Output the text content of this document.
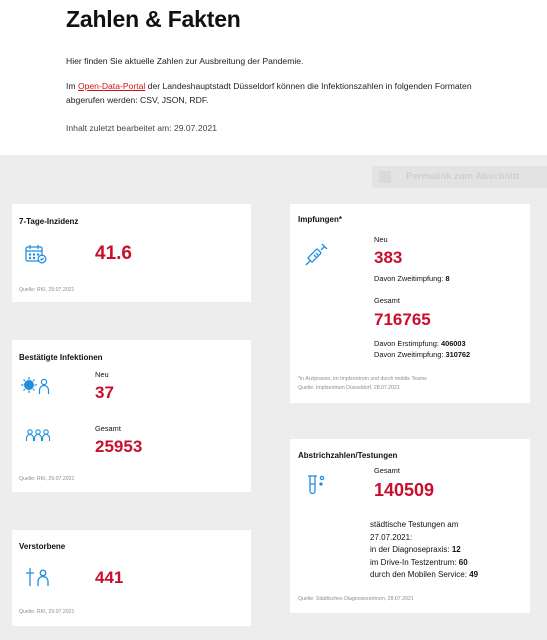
Zahlen & Fakten

Hier finden Sie aktuelle Zahlen zur Ausbreitung der Pandemie.

Im Open-Data-Portal der Landeshauptstadt Düsseldorf können die Infektionszahlen in folgenden Formaten abgerufen werden: CSV, JSON, RDF.

Inhalt zuletzt bearbeitet am: 29.07.2021

Permalink zum Abschnitt
7-Tage-Inzidenz
41.6
Quelle: RKI, 29.07.2021
Bestätigte Infektionen
Neu
37
Gesamt
25953
Quelle: RKI, 29.07.2021
Verstorbene
441
Quelle: RKI, 29.07.2021
Impfungen*
Neu
383
Davon Zweitimpfung: 8
Gesamt
716765
Davon Erstimpfung: 406003
Davon Zweitimpfung: 310762
*in Arztpraxen, im Impfzentrum und durch mobile Teams
Quelle: Impfzentrum Düsseldorf, 28.07.2021
Abstrichzahlen/Testungen
Gesamt
140509
städtische Testungen am
27.07.2021:
in der Diagnosepraxis: 12
im Drive-In Testzentrum: 60
durch den Mobilen Service: 49
Quelle: Städtisches Diagnosezentrum, 28.07.2021
